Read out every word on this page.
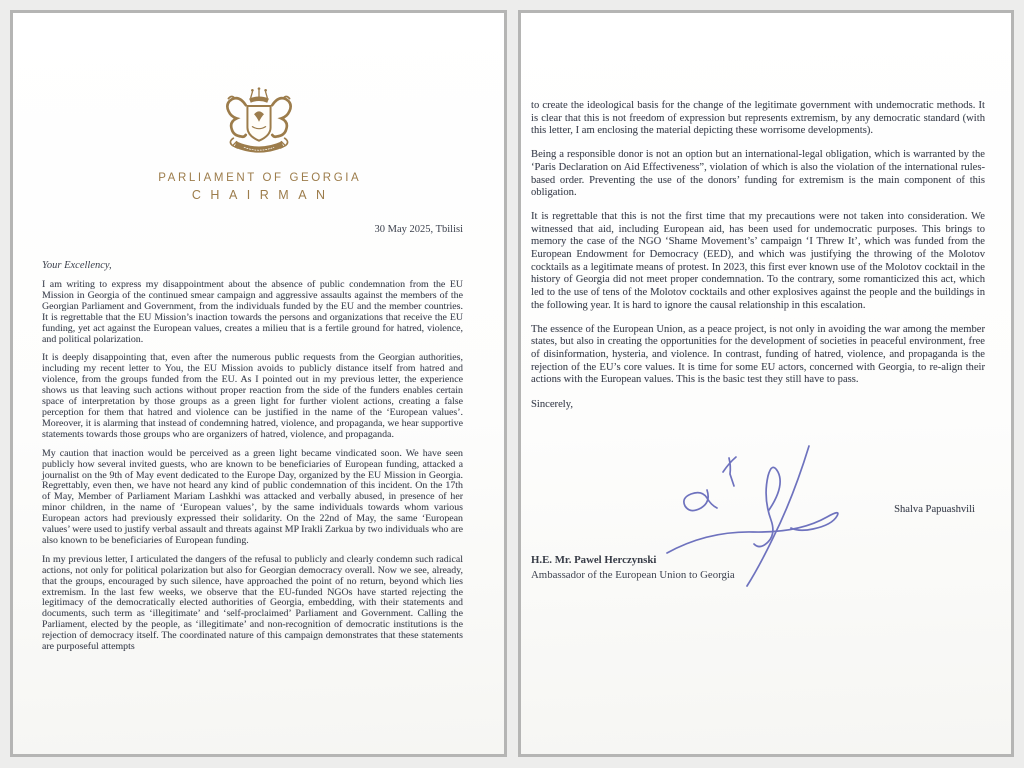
PARLIAMENT OF GEORGIA
CHAIRMAN
30 May 2025, Tbilisi
Your Excellency,

I am writing to express my disappointment about the absence of public condemnation from the EU Mission in Georgia of the continued smear campaign and aggressive assaults against the members of the Georgian Parliament and Government, from the individuals funded by the EU and the member countries. It is regrettable that the EU Mission’s inaction towards the persons and organizations that receive the EU funding, yet act against the European values, creates a milieu that is a fertile ground for hatred, violence, and political polarization.

It is deeply disappointing that, even after the numerous public requests from the Georgian authorities, including my recent letter to You, the EU Mission avoids to publicly distance itself from hatred and violence, from the groups funded from the EU. As I pointed out in my previous letter, the experience shows us that leaving such actions without proper reaction from the side of the funders enables certain space of interpretation by those groups as a green light for further violent actions, creating a false perception for them that hatred and violence can be justified in the name of the ‘European values’. Moreover, it is alarming that instead of condemning hatred, violence, and propaganda, we hear supportive statements towards those groups who are organizers of hatred, violence, and propaganda.

My caution that inaction would be perceived as a green light became vindicated soon. We have seen publicly how several invited guests, who are known to be beneficiaries of European funding, attacked a journalist on the 9th of May event dedicated to the Europe Day, organized by the EU Mission in Georgia. Regrettably, even then, we have not heard any kind of public condemnation of this incident. On the 17th of May, Member of Parliament Mariam Lashkhi was attacked and verbally abused, in presence of her minor children, in the name of ‘European values’, by the same individuals towards whom various European actors had previously expressed their solidarity. On the 22nd of May, the same ‘European values’ were used to justify verbal assault and threats against MP Irakli Zarkua by two individuals who are also known to be beneficiaries of European funding.

In my previous letter, I articulated the dangers of the refusal to publicly and clearly condemn such radical actions, not only for political polarization but also for Georgian democracy overall. Now we see, already, that the groups, encouraged by such silence, have approached the point of no return, beyond which lies extremism. In the last few weeks, we observe that the EU-funded NGOs have started rejecting the legitimacy of the democratically elected authorities of Georgia, embedding, with their statements and documents, such term as ‘illegitimate’ and ‘self-proclaimed’ Parliament and Government. Calling the Parliament, elected by the people, as ‘illegitimate’ and non-recognition of democratic institutions is the rejection of democracy itself. The coordinated nature of this campaign demonstrates that these statements are purposeful attempts

to create the ideological basis for the change of the legitimate government with undemocratic methods. It is clear that this is not freedom of expression but represents extremism, by any democratic standard (with this letter, I am enclosing the material depicting these worrisome developments).

Being a responsible donor is not an option but an international-legal obligation, which is warranted by the ‘Paris Declaration on Aid Effectiveness”, violation of which is also the violation of the international rules-based order. Preventing the use of the donors’ funding for extremism is the main component of this obligation.

It is regrettable that this is not the first time that my precautions were not taken into consideration. We witnessed that aid, including European aid, has been used for undemocratic purposes. This brings to memory the case of the NGO ‘Shame Movement’s’ campaign ‘I Threw It’, which was funded from the European Endowment for Democracy (EED), and which was justifying the throwing of the Molotov cocktails as a legitimate means of protest. In 2023, this first ever known use of the Molotov cocktail in the history of Georgia did not meet proper condemnation. To the contrary, some romanticized this act, which led to the use of tens of the Molotov cocktails and other explosives against the people and the buildings in the following year. It is hard to ignore the causal relationship in this escalation.

The essence of the European Union, as a peace project, is not only in avoiding the war among the member states, but also in creating the opportunities for the development of societies in peaceful environment, free of disinformation, hysteria, and violence. In contrast, funding of hatred, violence, and propaganda is the rejection of the EU’s core values. It is time for some EU actors, concerned with Georgia, to re-align their actions with the European values. This is the basic test they still have to pass.

Sincerely,
Shalva Papuashvili
H.E. Mr. Pawel Herczynski
Ambassador of the European Union to Georgia
